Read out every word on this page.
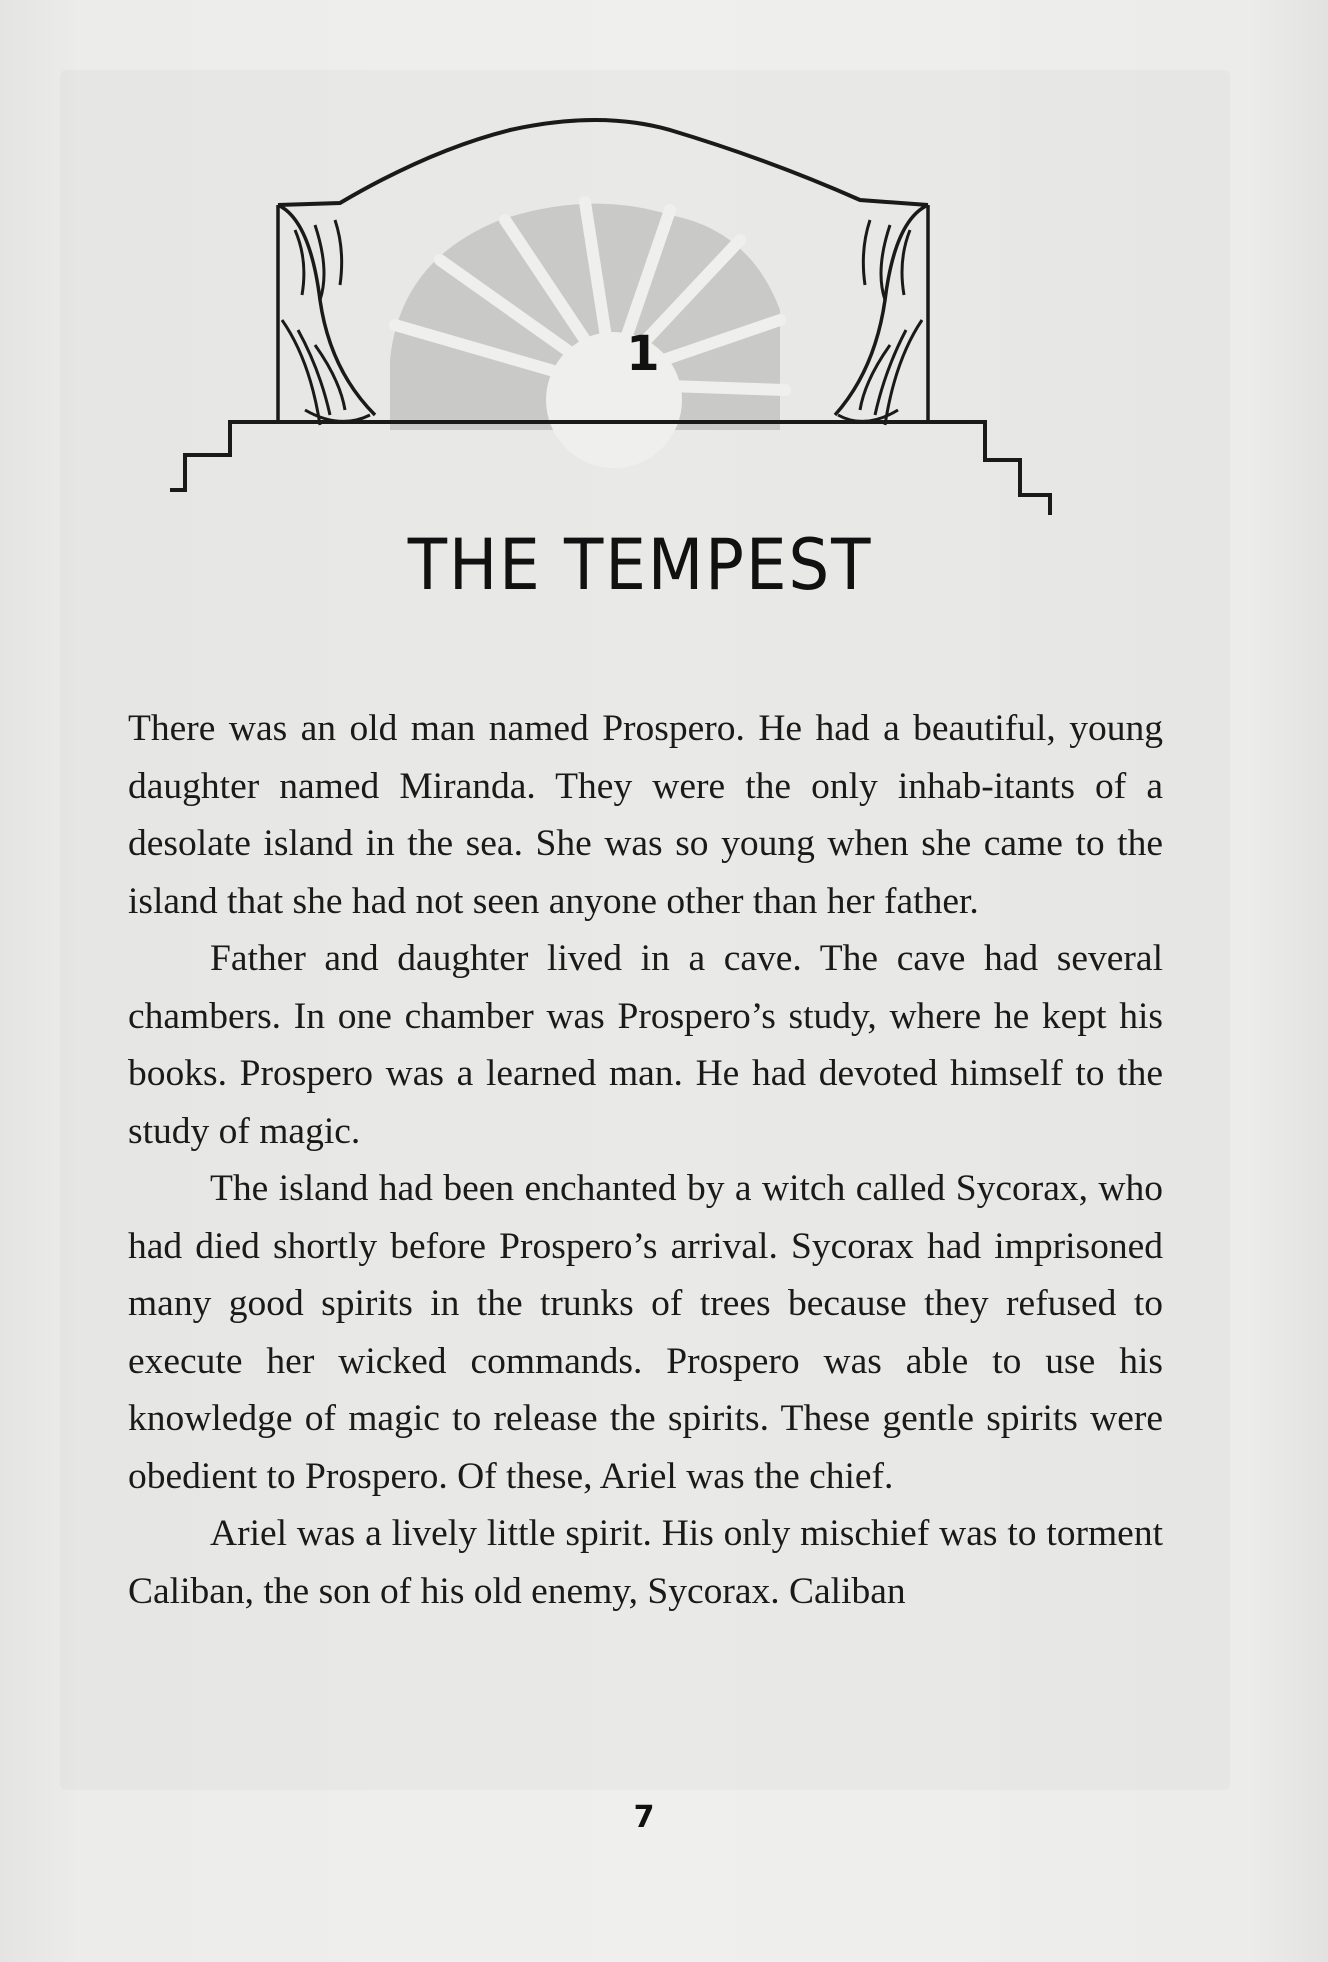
1
THE TEMPEST

There was an old man named Prospero. He had a beautiful, young daughter named Miranda. They were the only inhab-itants of a desolate island in the sea. She was so young when she came to the island that she had not seen anyone other than her father.

Father and daughter lived in a cave. The cave had several chambers. In one chamber was Prospero’s study, where he kept his books. Prospero was a learned man. He had devoted himself to the study of magic.

The island had been enchanted by a witch called Sycorax, who had died shortly before Prospero’s arrival. Sycorax had imprisoned many good spirits in the trunks of trees because they refused to execute her wicked commands. Prospero was able to use his knowledge of magic to release the spirits. These gentle spirits were obedient to Prospero. Of these, Ariel was the chief.

Ariel was a lively little spirit. His only mischief was to torment Caliban, the son of his old enemy, Sycorax. Caliban

7
